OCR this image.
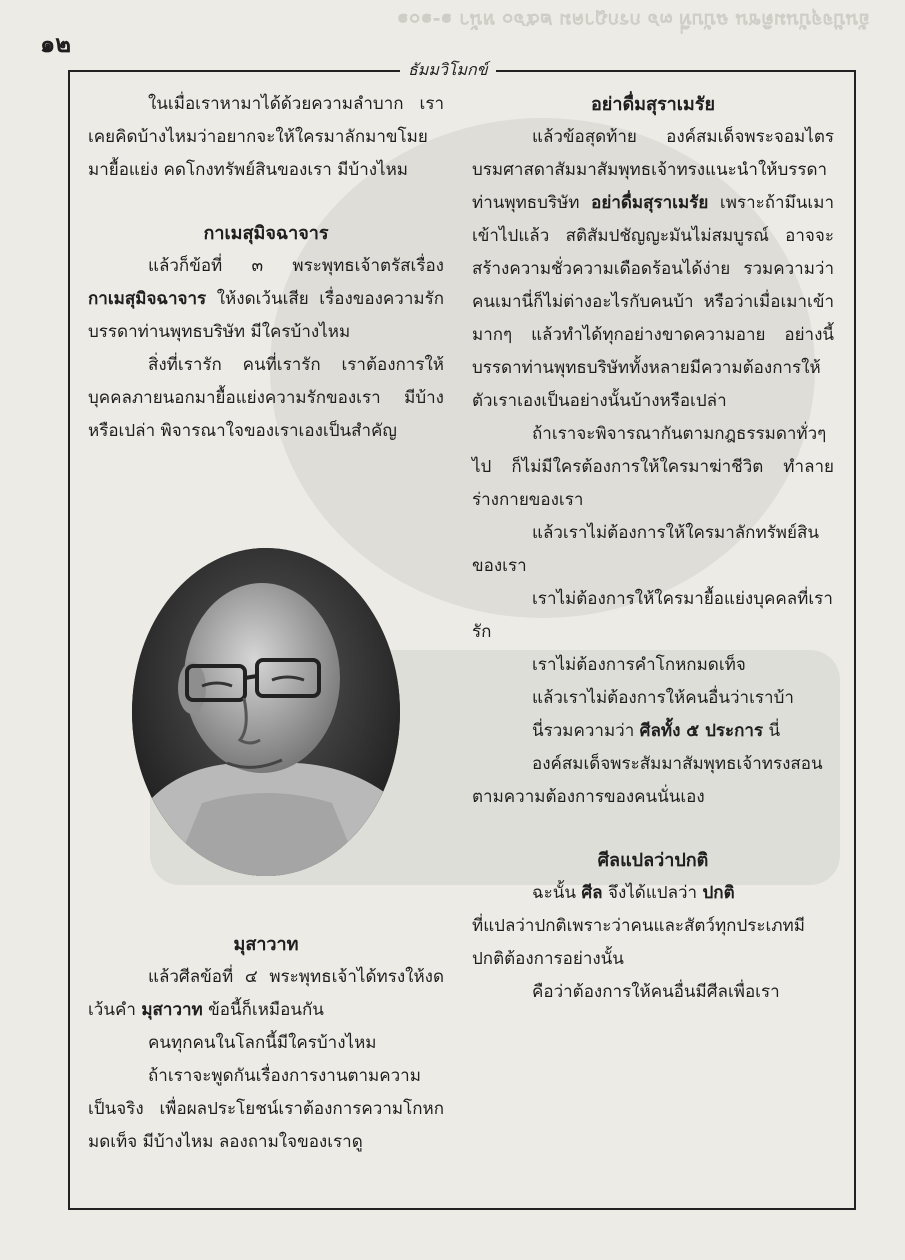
อันปัจจุบันมติชน ฉบับที่ ๓๖ กรกฎาคม ๒๕๖๐ หน้า ๑-๑๐๑
๑๒
ธัมมวิโมกข์

ในเมื่อเราหามาได้ด้วยความลำบาก เราเคยคิดบ้างไหมว่าอยากจะให้ใครมาลักมาขโมยมายื้อแย่ง คดโกงทรัพย์สินของเรา มีบ้างไหม

กาเมสุมิจฉาจาร

แล้วก็ข้อที่ ๓ พระพุทธเจ้าตรัสเรื่อง กาเมสุมิจฉาจาร ให้งดเว้นเสีย เรื่องของความรัก บรรดาท่านพุทธบริษัท มีใครบ้างไหม

สิ่งที่เรารัก คนที่เรารัก เราต้องการให้บุคคลภายนอกมายื้อแย่งความรักของเรา มีบ้างหรือเปล่า พิจารณาใจของเราเองเป็นสำคัญ

มุสาวาท

แล้วศีลข้อที่ ๔ พระพุทธเจ้าได้ทรงให้งดเว้นคำ มุสาวาท ข้อนี้ก็เหมือนกัน

คนทุกคนในโลกนี้มีใครบ้างไหม

ถ้าเราจะพูดกันเรื่องการงานตามความเป็นจริง เพื่อผลประโยชน์เราต้องการความโกหกมดเท็จ มีบ้างไหม ลองถามใจของเราดู

อย่าดื่มสุราเมรัย

แล้วข้อสุดท้าย องค์สมเด็จพระจอมไตรบรมศาสดาสัมมาสัมพุทธเจ้าทรงแนะนำให้บรรดาท่านพุทธบริษัท อย่าดื่มสุราเมรัย เพราะถ้ามึนเมาเข้าไปแล้ว สติสัมปชัญญะมันไม่สมบูรณ์ อาจจะสร้างความชั่วความเดือดร้อนได้ง่าย รวมความว่าคนเมานี่ก็ไม่ต่างอะไรกับคนบ้า หรือว่าเมื่อเมาเข้ามากๆ แล้วทำได้ทุกอย่างขาดความอาย อย่างนี้บรรดาท่านพุทธบริษัททั้งหลายมีความต้องการให้ตัวเราเองเป็นอย่างนั้นบ้างหรือเปล่า

ถ้าเราจะพิจารณากันตามกฎธรรมดาทั่วๆ ไป ก็ไม่มีใครต้องการให้ใครมาฆ่าชีวิต ทำลายร่างกายของเรา

แล้วเราไม่ต้องการให้ใครมาลักทรัพย์สินของเรา

เราไม่ต้องการให้ใครมายื้อแย่งบุคคลที่เรารัก

เราไม่ต้องการคำโกหกมดเท็จ

แล้วเราไม่ต้องการให้คนอื่นว่าเราบ้า

นี่รวมความว่า ศีลทั้ง ๕ ประการ นี่

องค์สมเด็จพระสัมมาสัมพุทธเจ้าทรงสอนตามความต้องการของคนนั่นเอง

ศีลแปลว่าปกติ

ฉะนั้น ศีล จึงได้แปลว่า ปกติ

ที่แปลว่าปกติเพราะว่าคนและสัตว์ทุกประเภทมีปกติต้องการอย่างนั้น

คือว่าต้องการให้คนอื่นมีศีลเพื่อเรา
